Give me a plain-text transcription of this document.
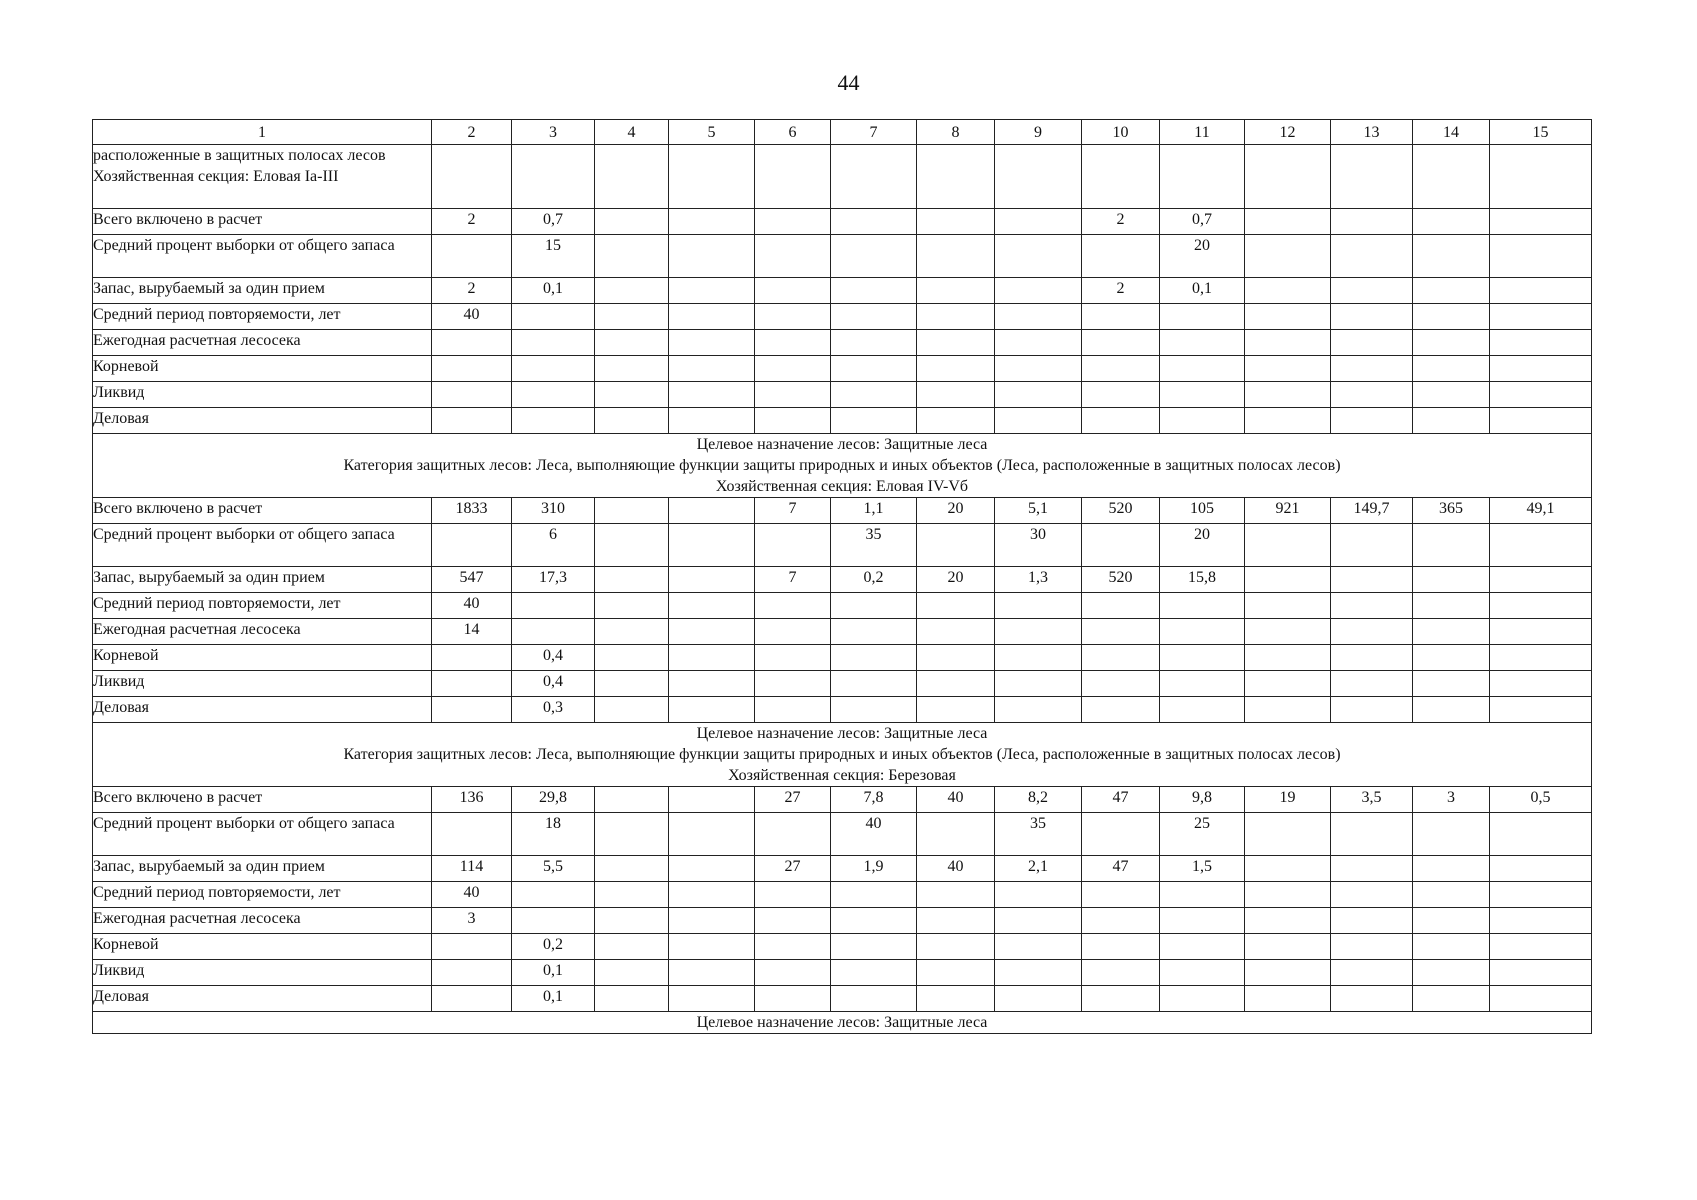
44
1	2	3	4	5	6	7	8	9	10	11	12	13	14	15
расположенные в защитных полосах лесов
Хозяйственная секция: Еловая Ia-III														
Всего включено в расчет	2	0,7							2	0,7				
Средний процент выборки от общего запаса		15								20				
Запас, вырубаемый за один прием	2	0,1							2	0,1				
Средний период повторяемости, лет	40													
Ежегодная расчетная лесосека														
Корневой														
Ликвид														
Деловая														

Целевое назначение лесов: Защитные леса
Категория защитных лесов: Леса, выполняющие функции защиты природных и иных объектов (Леса, расположенные в защитных полосах лесов)
Хозяйственная секция: Еловая IV-Vб														

Всего включено в расчет	1833	310			7	1,1	20	5,1	520	105	921	149,7	365	49,1
Средний процент выборки от общего запаса		6				35		30		20				
Запас, вырубаемый за один прием	547	17,3			7	0,2	20	1,3	520	15,8				
Средний период повторяемости, лет	40													
Ежегодная расчетная лесосека	14													
Корневой		0,4												
Ликвид		0,4												
Деловая		0,3												

Целевое назначение лесов: Защитные леса
Категория защитных лесов: Леса, выполняющие функции защиты природных и иных объектов (Леса, расположенные в защитных полосах лесов)
Хозяйственная секция: Березовая														

Всего включено в расчет	136	29,8			27	7,8	40	8,2	47	9,8	19	3,5	3	0,5
Средний процент выборки от общего запаса		18				40		35		25				
Запас, вырубаемый за один прием	114	5,5			27	1,9	40	2,1	47	1,5				
Средний период повторяемости, лет	40													
Ежегодная расчетная лесосека	3													
Корневой		0,2												
Ликвид		0,1												
Деловая		0,1												

Целевое назначение лесов: Защитные леса														
